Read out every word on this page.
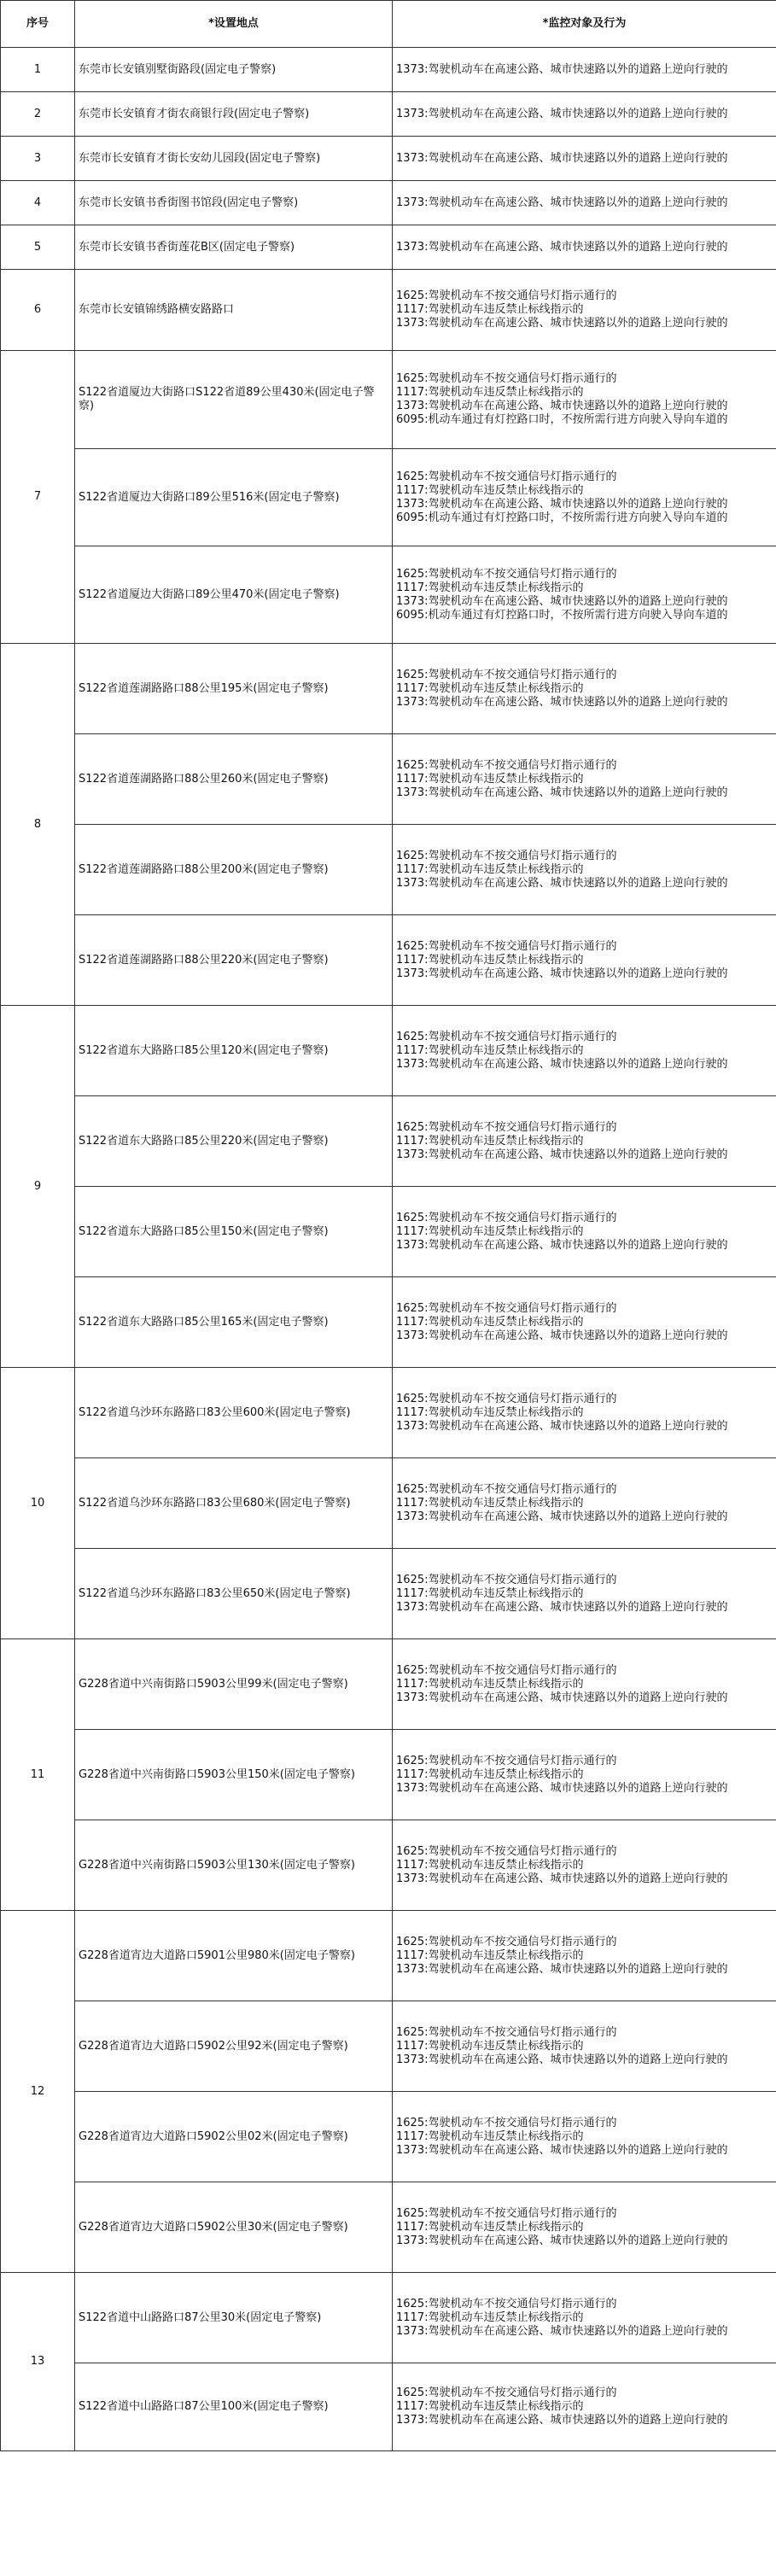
序号	*设置地点	*监控对象及行为
1	东莞市长安镇别墅街路段(固定电子警察)	1373:驾驶机动车在高速公路、城市快速路以外的道路上逆向行驶的
2	东莞市长安镇育才街农商银行段(固定电子警察)	1373:驾驶机动车在高速公路、城市快速路以外的道路上逆向行驶的
3	东莞市长安镇育才街长安幼儿园段(固定电子警察)	1373:驾驶机动车在高速公路、城市快速路以外的道路上逆向行驶的
4	东莞市长安镇书香街图书馆段(固定电子警察)	1373:驾驶机动车在高速公路、城市快速路以外的道路上逆向行驶的
5	东莞市长安镇书香街莲花B区(固定电子警察)	1373:驾驶机动车在高速公路、城市快速路以外的道路上逆向行驶的
6	东莞市长安镇锦绣路横安路路口	1625:驾驶机动车不按交通信号灯指示通行的
1117:驾驶机动车违反禁止标线指示的
1373:驾驶机动车在高速公路、城市快速路以外的道路上逆向行驶的
7	S122省道厦边大街路口S122省道89公里430米(固定电子警察)	1625:驾驶机动车不按交通信号灯指示通行的
1117:驾驶机动车违反禁止标线指示的
1373:驾驶机动车在高速公路、城市快速路以外的道路上逆向行驶的
6095:机动车通过有灯控路口时，不按所需行进方向驶入导向车道的
	S122省道厦边大街路口89公里516米(固定电子警察)	1625:驾驶机动车不按交通信号灯指示通行的
1117:驾驶机动车违反禁止标线指示的
1373:驾驶机动车在高速公路、城市快速路以外的道路上逆向行驶的
6095:机动车通过有灯控路口时，不按所需行进方向驶入导向车道的
	S122省道厦边大街路口89公里470米(固定电子警察)	1625:驾驶机动车不按交通信号灯指示通行的
1117:驾驶机动车违反禁止标线指示的
1373:驾驶机动车在高速公路、城市快速路以外的道路上逆向行驶的
6095:机动车通过有灯控路口时，不按所需行进方向驶入导向车道的
8	S122省道莲湖路路口88公里195米(固定电子警察)	1625:驾驶机动车不按交通信号灯指示通行的
1117:驾驶机动车违反禁止标线指示的
1373:驾驶机动车在高速公路、城市快速路以外的道路上逆向行驶的
	S122省道莲湖路路口88公里260米(固定电子警察)	1625:驾驶机动车不按交通信号灯指示通行的
1117:驾驶机动车违反禁止标线指示的
1373:驾驶机动车在高速公路、城市快速路以外的道路上逆向行驶的
	S122省道莲湖路路口88公里200米(固定电子警察)	1625:驾驶机动车不按交通信号灯指示通行的
1117:驾驶机动车违反禁止标线指示的
1373:驾驶机动车在高速公路、城市快速路以外的道路上逆向行驶的
	S122省道莲湖路路口88公里220米(固定电子警察)	1625:驾驶机动车不按交通信号灯指示通行的
1117:驾驶机动车违反禁止标线指示的
1373:驾驶机动车在高速公路、城市快速路以外的道路上逆向行驶的
9	S122省道东大路路口85公里120米(固定电子警察)	1625:驾驶机动车不按交通信号灯指示通行的
1117:驾驶机动车违反禁止标线指示的
1373:驾驶机动车在高速公路、城市快速路以外的道路上逆向行驶的
	S122省道东大路路口85公里220米(固定电子警察)	1625:驾驶机动车不按交通信号灯指示通行的
1117:驾驶机动车违反禁止标线指示的
1373:驾驶机动车在高速公路、城市快速路以外的道路上逆向行驶的
	S122省道东大路路口85公里150米(固定电子警察)	1625:驾驶机动车不按交通信号灯指示通行的
1117:驾驶机动车违反禁止标线指示的
1373:驾驶机动车在高速公路、城市快速路以外的道路上逆向行驶的
	S122省道东大路路口85公里165米(固定电子警察)	1625:驾驶机动车不按交通信号灯指示通行的
1117:驾驶机动车违反禁止标线指示的
1373:驾驶机动车在高速公路、城市快速路以外的道路上逆向行驶的
10	S122省道乌沙环东路路口83公里600米(固定电子警察)	1625:驾驶机动车不按交通信号灯指示通行的
1117:驾驶机动车违反禁止标线指示的
1373:驾驶机动车在高速公路、城市快速路以外的道路上逆向行驶的
	S122省道乌沙环东路路口83公里680米(固定电子警察)	1625:驾驶机动车不按交通信号灯指示通行的
1117:驾驶机动车违反禁止标线指示的
1373:驾驶机动车在高速公路、城市快速路以外的道路上逆向行驶的
	S122省道乌沙环东路路口83公里650米(固定电子警察)	1625:驾驶机动车不按交通信号灯指示通行的
1117:驾驶机动车违反禁止标线指示的
1373:驾驶机动车在高速公路、城市快速路以外的道路上逆向行驶的
11	G228省道中兴南街路口5903公里99米(固定电子警察)	1625:驾驶机动车不按交通信号灯指示通行的
1117:驾驶机动车违反禁止标线指示的
1373:驾驶机动车在高速公路、城市快速路以外的道路上逆向行驶的
	G228省道中兴南街路口5903公里150米(固定电子警察)	1625:驾驶机动车不按交通信号灯指示通行的
1117:驾驶机动车违反禁止标线指示的
1373:驾驶机动车在高速公路、城市快速路以外的道路上逆向行驶的
	G228省道中兴南街路口5903公里130米(固定电子警察)	1625:驾驶机动车不按交通信号灯指示通行的
1117:驾驶机动车违反禁止标线指示的
1373:驾驶机动车在高速公路、城市快速路以外的道路上逆向行驶的
12	G228省道宵边大道路口5901公里980米(固定电子警察)	1625:驾驶机动车不按交通信号灯指示通行的
1117:驾驶机动车违反禁止标线指示的
1373:驾驶机动车在高速公路、城市快速路以外的道路上逆向行驶的
	G228省道宵边大道路口5902公里92米(固定电子警察)	1625:驾驶机动车不按交通信号灯指示通行的
1117:驾驶机动车违反禁止标线指示的
1373:驾驶机动车在高速公路、城市快速路以外的道路上逆向行驶的
	G228省道宵边大道路口5902公里02米(固定电子警察)	1625:驾驶机动车不按交通信号灯指示通行的
1117:驾驶机动车违反禁止标线指示的
1373:驾驶机动车在高速公路、城市快速路以外的道路上逆向行驶的
	G228省道宵边大道路口5902公里30米(固定电子警察)	1625:驾驶机动车不按交通信号灯指示通行的
1117:驾驶机动车违反禁止标线指示的
1373:驾驶机动车在高速公路、城市快速路以外的道路上逆向行驶的
13	S122省道中山路路口87公里30米(固定电子警察)	1625:驾驶机动车不按交通信号灯指示通行的
1117:驾驶机动车违反禁止标线指示的
1373:驾驶机动车在高速公路、城市快速路以外的道路上逆向行驶的
	S122省道中山路路口87公里100米(固定电子警察)	1625:驾驶机动车不按交通信号灯指示通行的
1117:驾驶机动车违反禁止标线指示的
1373:驾驶机动车在高速公路、城市快速路以外的道路上逆向行驶的
